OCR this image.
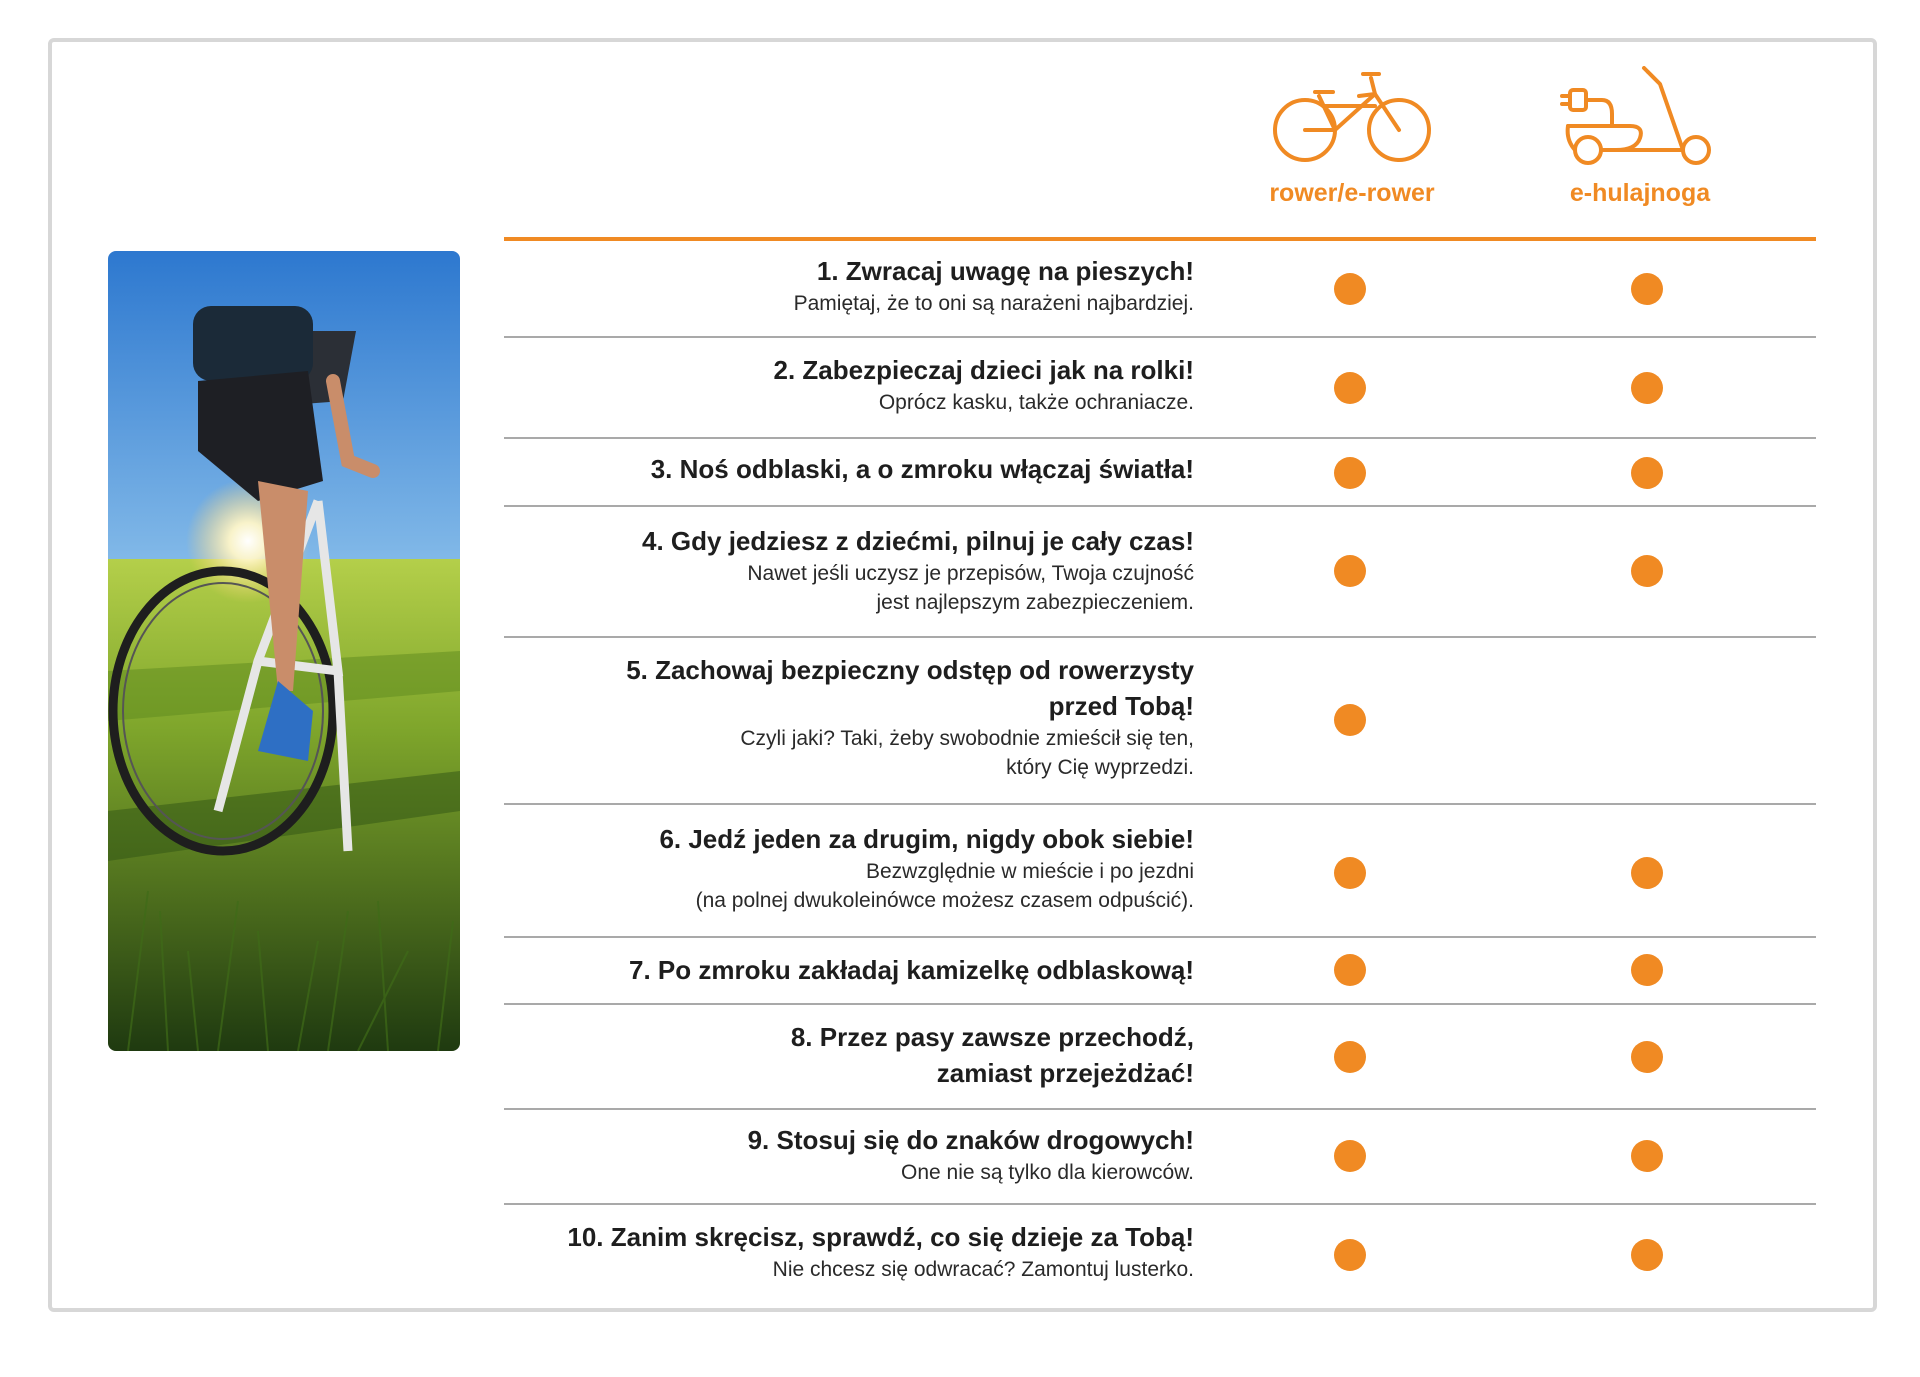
rower/e-rower	e-hulajnoga
1. Zwracaj uwagę na pieszych!
Pamiętaj, że to oni są narażeni najbardziej.
2. Zabezpieczaj dzieci jak na rolki!
Oprócz kasku, także ochraniacze.
3. Noś odblaski, a o zmroku włączaj światła!
4. Gdy jedziesz z dziećmi, pilnuj je cały czas!
Nawet jeśli uczysz je przepisów, Twoja czujność
jest najlepszym zabezpieczeniem.
5. Zachowaj bezpieczny odstęp od rowerzysty
przed Tobą!
Czyli jaki? Taki, żeby swobodnie zmieścił się ten,
który Cię wyprzedzi.
6. Jedź jeden za drugim, nigdy obok siebie!
Bezwzględnie w mieście i po jezdni
(na polnej dwukoleinówce możesz czasem odpuścić).
7. Po zmroku zakładaj kamizelkę odblaskową!
8. Przez pasy zawsze przechodź,
zamiast przejeżdżać!
9. Stosuj się do znaków drogowych!
One nie są tylko dla kierowców.
10. Zanim skręcisz, sprawdź, co się dzieje za Tobą!
Nie chcesz się odwracać? Zamontuj lusterko.
